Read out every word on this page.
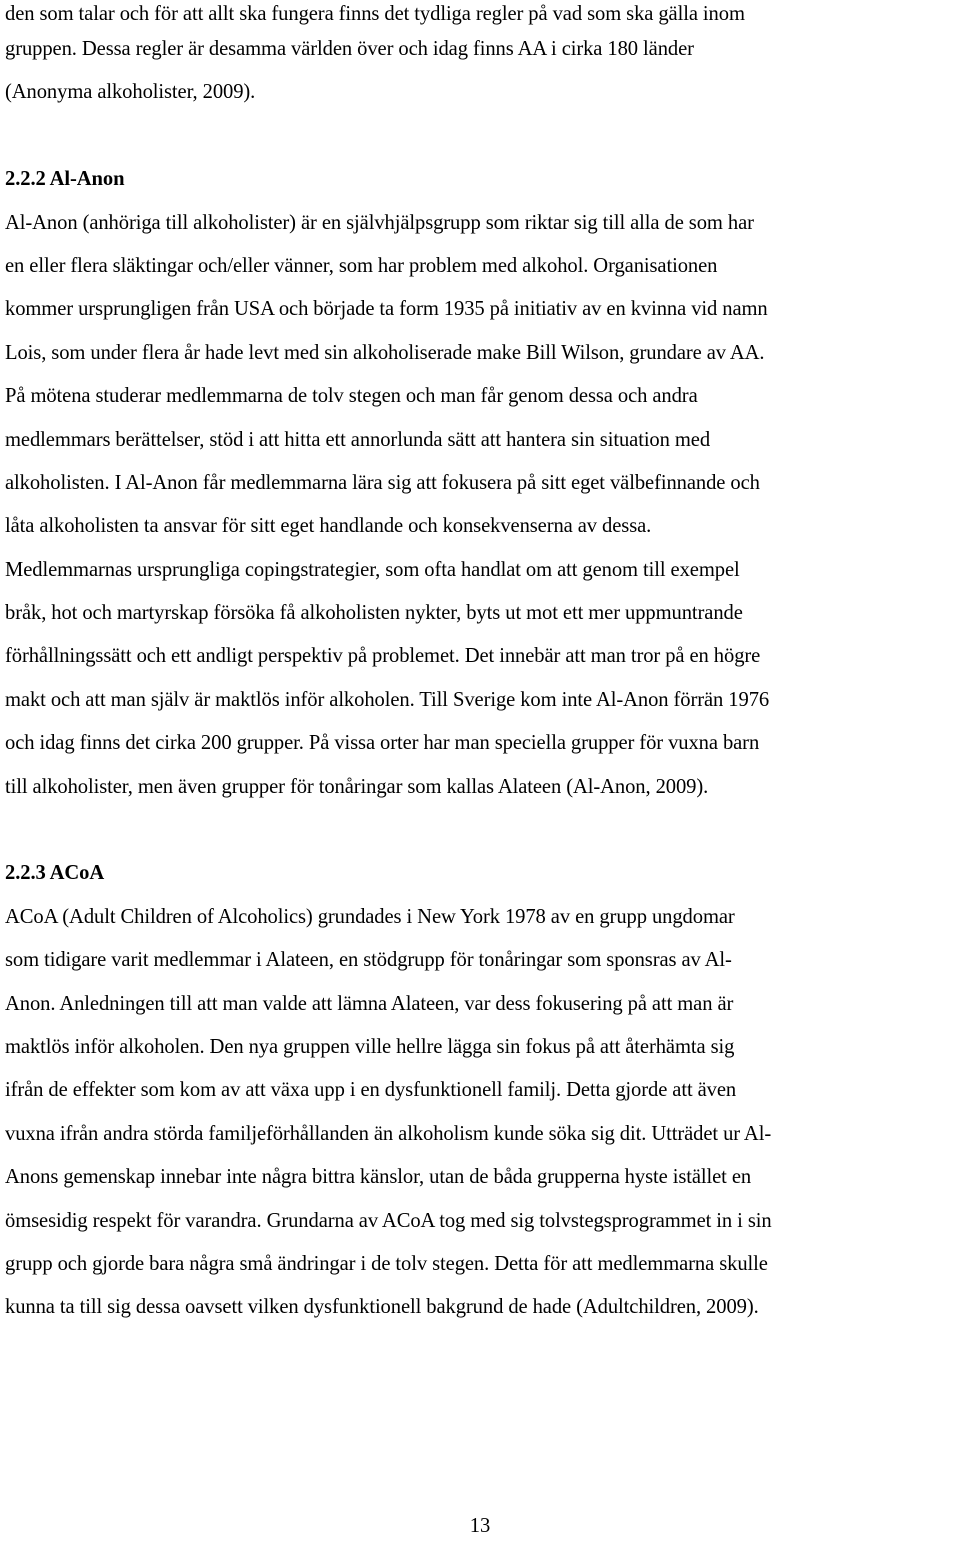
den som talar och för att allt ska fungera finns det tydliga regler på vad som ska gälla inom
gruppen. Dessa regler är desamma världen över och idag finns AA i cirka 180 länder
(Anonyma alkoholister, 2009).
2.2.2 Al-Anon
Al-Anon (anhöriga till alkoholister) är en självhjälpsgrupp som riktar sig till alla de som har
en eller flera släktingar och/eller vänner, som har problem med alkohol. Organisationen
kommer ursprungligen från USA och började ta form 1935 på initiativ av en kvinna vid namn
Lois, som under flera år hade levt med sin alkoholiserade make Bill Wilson, grundare av AA.
På mötena studerar medlemmarna de tolv stegen och man får genom dessa och andra
medlemmars berättelser, stöd i att hitta ett annorlunda sätt att hantera sin situation med
alkoholisten. I Al-Anon får medlemmarna lära sig att fokusera på sitt eget välbefinnande och
låta alkoholisten ta ansvar för sitt eget handlande och konsekvenserna av dessa.
Medlemmarnas ursprungliga copingstrategier, som ofta handlat om att genom till exempel
bråk, hot och martyrskap försöka få alkoholisten nykter, byts ut mot ett mer uppmuntrande
förhållningssätt och ett andligt perspektiv på problemet. Det innebär att man tror på en högre
makt och att man själv är maktlös inför alkoholen. Till Sverige kom inte Al-Anon förrän 1976
och idag finns det cirka 200 grupper. På vissa orter har man speciella grupper för vuxna barn
till alkoholister, men även grupper för tonåringar som kallas Alateen (Al-Anon, 2009).
2.2.3 ACoA
ACoA (Adult Children of Alcoholics) grundades i New York 1978 av en grupp ungdomar
som tidigare varit medlemmar i Alateen, en stödgrupp för tonåringar som sponsras av Al-
Anon. Anledningen till att man valde att lämna Alateen, var dess fokusering på att man är
maktlös inför alkoholen. Den nya gruppen ville hellre lägga sin fokus på att återhämta sig
ifrån de effekter som kom av att växa upp i en dysfunktionell familj. Detta gjorde att även
vuxna ifrån andra störda familjeförhållanden än alkoholism kunde söka sig dit. Utträdet ur Al-
Anons gemenskap innebar inte några bittra känslor, utan de båda grupperna hyste istället en
ömsesidig respekt för varandra. Grundarna av ACoA tog med sig tolvstegsprogrammet in i sin
grupp och gjorde bara några små ändringar i de tolv stegen. Detta för att medlemmarna skulle
kunna ta till sig dessa oavsett vilken dysfunktionell bakgrund de hade (Adultchildren, 2009).
13
